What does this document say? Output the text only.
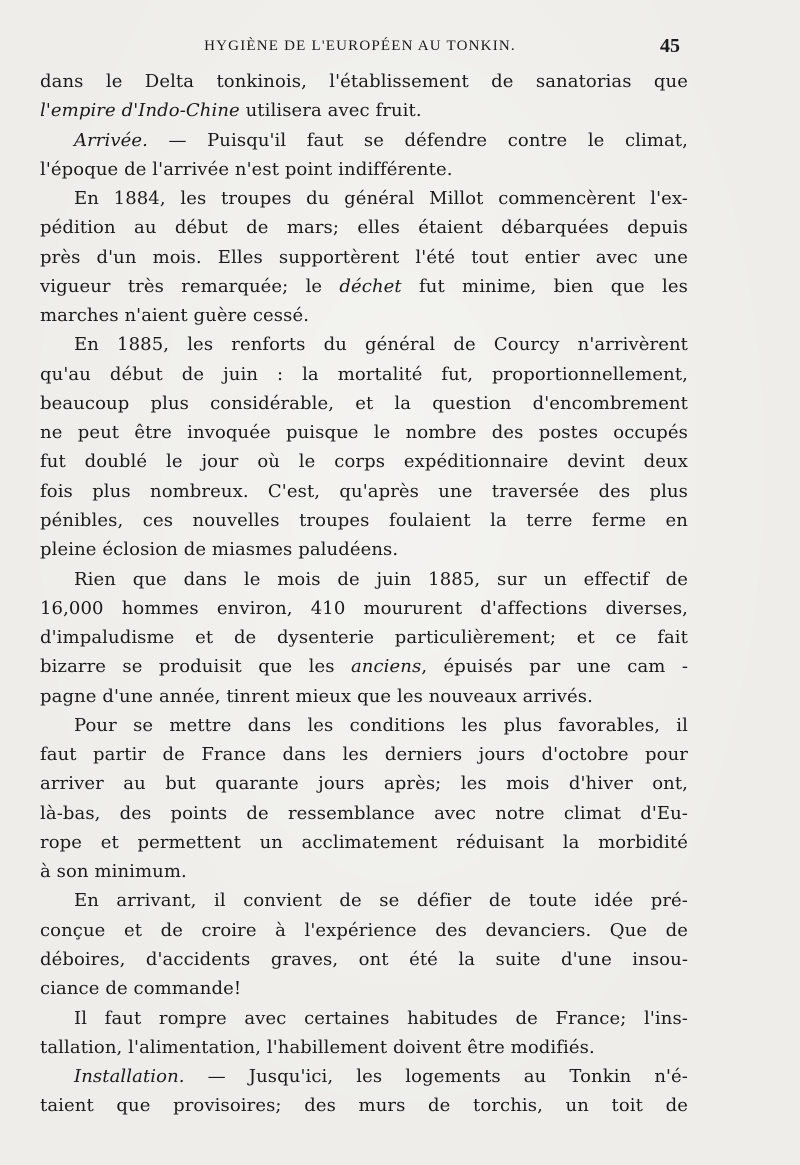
HYGIÈNE DE L'EUROPÉEN AU TONKIN.	45
dans le Delta tonkinois, l'établissement de sanatorias que
l'empire d'Indo-Chine utilisera avec fruit.
Arrivée. — Puisqu'il faut se défendre contre le climat,
l'époque de l'arrivée n'est point indifférente.
En 1884, les troupes du général Millot commencèrent l'ex-
pédition au début de mars; elles étaient débarquées depuis
près d'un mois. Elles supportèrent l'été tout entier avec une
vigueur très remarquée; le déchet fut minime, bien que les
marches n'aient guère cessé.
En 1885, les renforts du général de Courcy n'arrivèrent
qu'au début de juin : la mortalité fut, proportionnellement,
beaucoup plus considérable, et la question d'encombrement
ne peut être invoquée puisque le nombre des postes occupés
fut doublé le jour où le corps expéditionnaire devint deux
fois plus nombreux. C'est, qu'après une traversée des plus
pénibles, ces nouvelles troupes foulaient la terre ferme en
pleine éclosion de miasmes paludéens.
Rien que dans le mois de juin 1885, sur un effectif de
16,000 hommes environ, 410 moururent d'affections diverses,
d'impaludisme et de dysenterie particulièrement; et ce fait
bizarre se produisit que les anciens, épuisés par une cam -
pagne d'une année, tinrent mieux que les nouveaux arrivés.
Pour se mettre dans les conditions les plus favorables, il
faut partir de France dans les derniers jours d'octobre pour
arriver au but quarante jours après; les mois d'hiver ont,
là-bas, des points de ressemblance avec notre climat d'Eu-
rope et permettent un acclimatement réduisant la morbidité
à son minimum.
En arrivant, il convient de se défier de toute idée pré-
conçue et de croire à l'expérience des devanciers. Que de
déboires, d'accidents graves, ont été la suite d'une insou-
ciance de commande!
Il faut rompre avec certaines habitudes de France; l'ins-
tallation, l'alimentation, l'habillement doivent être modifiés.
Installation. — Jusqu'ici, les logements au Tonkin n'é-
taient que provisoires; des murs de torchis, un toit de
